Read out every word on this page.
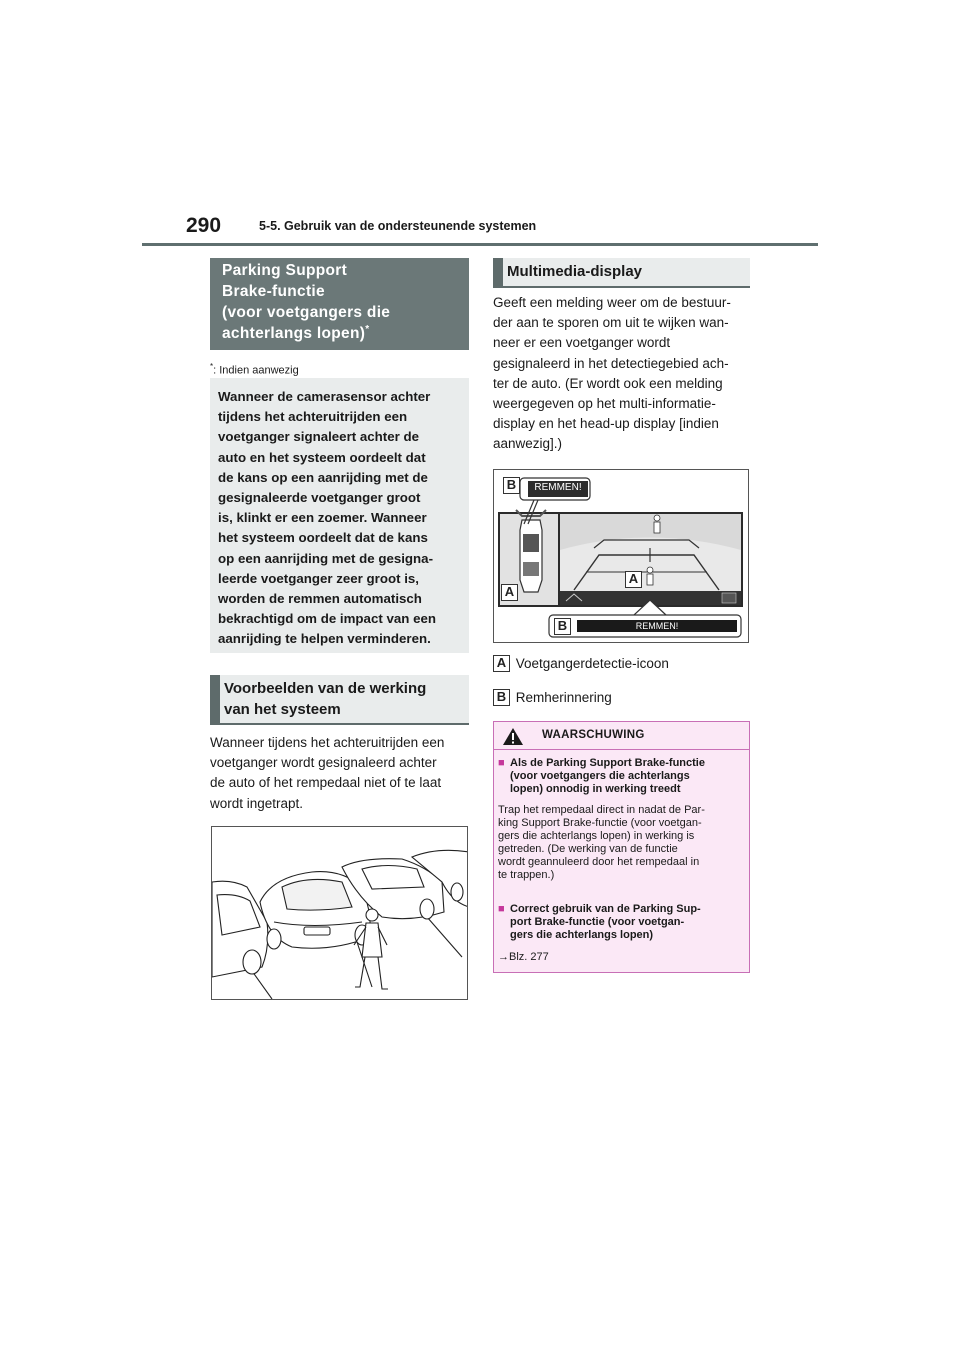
290	5-5. Gebruik van de ondersteunende systemen
Parking Support
Brake-functie
(voor voetgangers die
achterlangs lopen)*
*: Indien aanwezig
Wanneer de camerasensor achter
tijdens het achteruitrijden een
voetganger signaleert achter de
auto en het systeem oordeelt dat
de kans op een aanrijding met de
gesignaleerde voetganger groot
is, klinkt er een zoemer. Wanneer
het systeem oordeelt dat de kans
op een aanrijding met de gesigna-
leerde voetganger zeer groot is,
worden de remmen automatisch
bekrachtigd om de impact van een
aanrijding te helpen verminderen.
Voorbeelden van de werking
van het systeem
Wanneer tijdens het achteruitrijden een
voetganger wordt gesignaleerd achter
de auto of het rempedaal niet of te laat
wordt ingetrapt.
Multimedia-display
Geeft een melding weer om de bestuur-
der aan te sporen om uit te wijken wan-
neer er een voetganger wordt
gesignaleerd in het detectiegebied ach-
ter de auto. (Er wordt ook een melding
weergegeven op het multi-informatie-
display en het head-up display [indien
aanwezig].)
B	REMMEN!
A
A
B	REMMEN!
A Voetgangerdetectie-icoon
B Remherinnering
WAARSCHUWING
■ Als de Parking Support Brake-functie
(voor voetgangers die achterlangs
lopen) onnodig in werking treedt
Trap het rempedaal direct in nadat de Par-
king Support Brake-functie (voor voetgan-
gers die achterlangs lopen) in werking is
getreden. (De werking van de functie
wordt geannuleerd door het rempedaal in
te trappen.)
■ Correct gebruik van de Parking Sup-
port Brake-functie (voor voetgan-
gers die achterlangs lopen)
→Blz. 277
